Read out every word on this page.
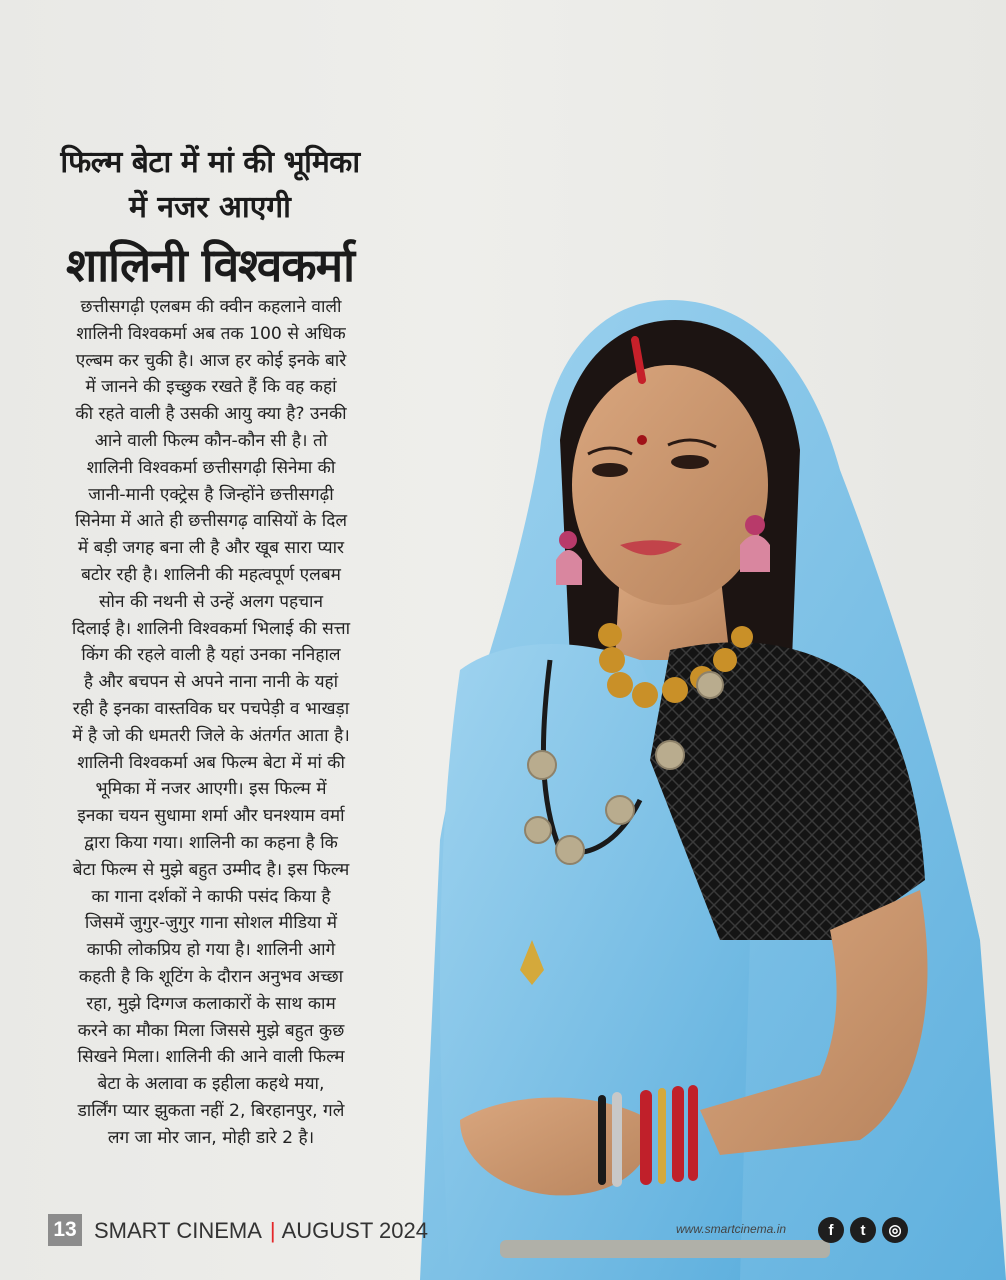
फिल्म बेटा में मां की भूमिका
में नजर आएगी
शालिनी विश्वकर्मा
छत्तीसगढ़ी एलबम की क्वीन कहलाने वाली
शालिनी विश्वकर्मा अब तक 100 से अधिक
एल्बम कर चुकी है। आज हर कोई इनके बारे
में जानने की इच्छुक रखते हैं कि वह कहां
की रहते वाली है उसकी आयु क्या है? उनकी
आने वाली फिल्म कौन-कौन सी है। तो
शालिनी विश्वकर्मा छत्तीसगढ़ी सिनेमा की
जानी-मानी एक्ट्रेस है जिन्होंने छत्तीसगढ़ी
सिनेमा में आते ही छत्तीसगढ़ वासियों के दिल
में बड़ी जगह बना ली है और खूब सारा प्यार
बटोर रही है। शालिनी की महत्वपूर्ण एलबम
सोन की नथनी से उन्हें अलग पहचान
दिलाई है। शालिनी विश्वकर्मा भिलाई की सत्ता
किंग की रहले वाली है यहां उनका ननिहाल
है और बचपन से अपने नाना नानी के यहां
रही है इनका वास्तविक घर पचपेड़ी व भाखड़ा
में है जो की धमतरी जिले के अंतर्गत आता है।
शालिनी विश्वकर्मा अब फिल्म बेटा में मां की
भूमिका में नजर आएगी। इस फिल्म में
इनका चयन सुधामा शर्मा और घनश्याम वर्मा
द्वारा किया गया। शालिनी का कहना है कि
बेटा फिल्म से मुझे बहुत उम्मीद है। इस फिल्म
का गाना दर्शकों ने काफी पसंद किया है
जिसमें जुगुर-जुगुर गाना सोशल मीडिया में
काफी लोकप्रिय हो गया है। शालिनी आगे
कहती है कि शूटिंग के दौरान अनुभव अच्छा
रहा, मुझे दिग्गज कलाकारों के साथ काम
करने का मौका मिला जिससे मुझे बहुत कुछ
सिखने मिला। शालिनी की आने वाली फिल्म
बेटा के अलावा क इहीला कहथे मया,
डार्लिंग प्यार झुकता नहीं 2, बिरहानपुर, गले
लग जा मोर जान, मोही डारे 2 है।
13 SMART CINEMA | AUGUST 2024	www.smartcinema.in	f	t	◎
